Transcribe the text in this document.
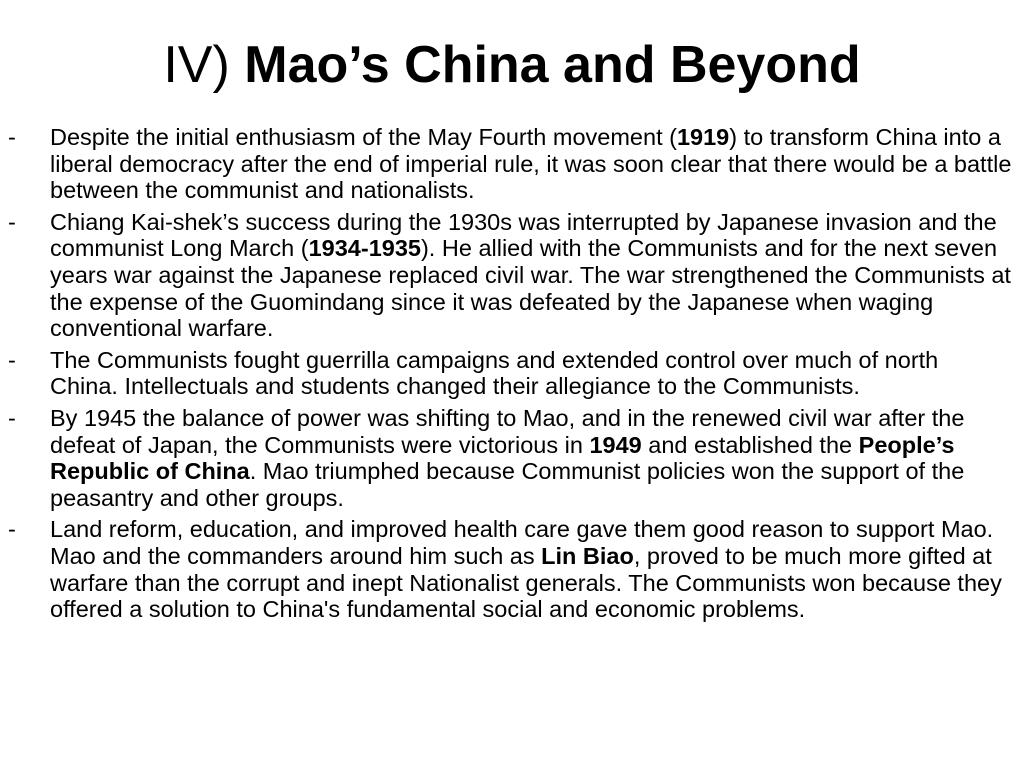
IV) Mao’s China and Beyond
-	Despite the initial enthusiasm of the May Fourth movement (1919) to transform China into a liberal democracy after the end of imperial rule, it was soon clear that there would be a battle between the communist and nationalists.
-	Chiang Kai-shek’s success during the 1930s was interrupted by Japanese invasion and the communist Long March (1934-1935). He allied with the Communists and for the next seven years war against the Japanese replaced civil war. The war strengthened the Communists at the expense of the Guomindang since it was defeated by the Japanese when waging conventional warfare.
-	The Communists fought guerrilla campaigns and extended control over much of north China. Intellectuals and students changed their allegiance to the Communists.
-	By 1945 the balance of power was shifting to Mao, and in the renewed civil war after the defeat of Japan, the Communists were victorious in 1949 and established the People’s Republic of China. Mao triumphed because Communist policies won the support of the peasantry and other groups.
-	Land reform, education, and improved health care gave them good reason to support Mao. Mao and the commanders around him such as Lin Biao, proved to be much more gifted at warfare than the corrupt and inept Nationalist generals. The Communists won because they offered a solution to China's fundamental social and economic problems.
